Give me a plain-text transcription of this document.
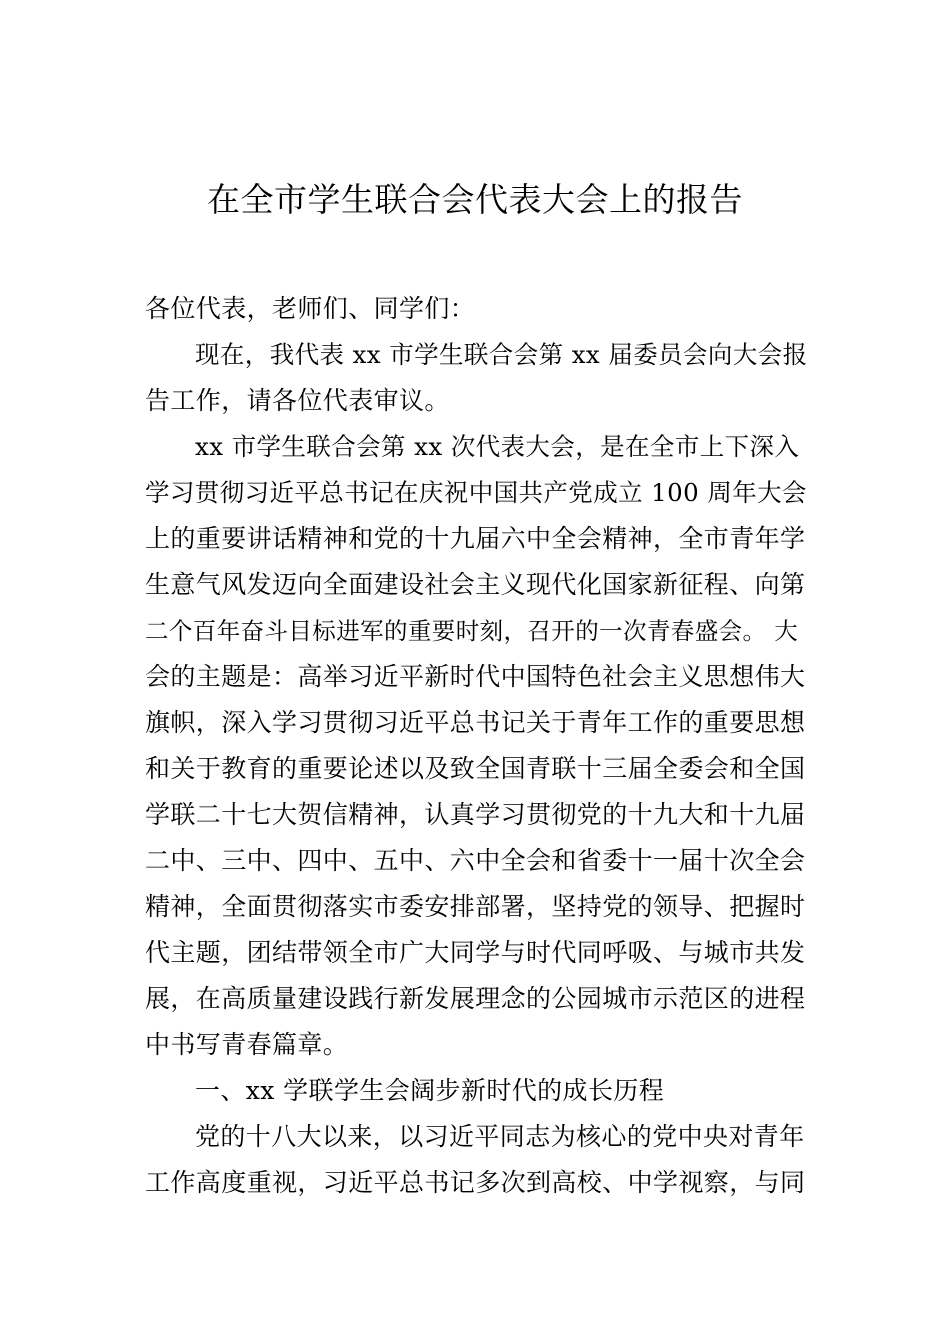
在全市学生联合会代表大会上的报告
各位代表，老师们、同学们：
现在，我代表 xx 市学生联合会第 xx 届委员会向大会报
告工作，请各位代表审议。
xx 市学生联合会第 xx 次代表大会，是在全市上下深入
学习贯彻习近平总书记在庆祝中国共产党成立 100 周年大会
上的重要讲话精神和党的十九届六中全会精神，全市青年学
生意气风发迈向全面建设社会主义现代化国家新征程、向第
二个百年奋斗目标进军的重要时刻，召开的一次青春盛会。 大
会的主题是：高举习近平新时代中国特色社会主义思想伟大
旗帜，深入学习贯彻习近平总书记关于青年工作的重要思想
和关于教育的重要论述以及致全国青联十三届全委会和全国
学联二十七大贺信精神，认真学习贯彻党的十九大和十九届
二中、三中、四中、五中、六中全会和省委十一届十次全会
精神，全面贯彻落实市委安排部署，坚持党的领导、把握时
代主题，团结带领全市广大同学与时代同呼吸、与城市共发
展，在高质量建设践行新发展理念的公园城市示范区的进程
中书写青春篇章。
一、xx 学联学生会阔步新时代的成长历程
党的十八大以来，以习近平同志为核心的党中央对青年
工作高度重视，习近平总书记多次到高校、中学视察，与同
